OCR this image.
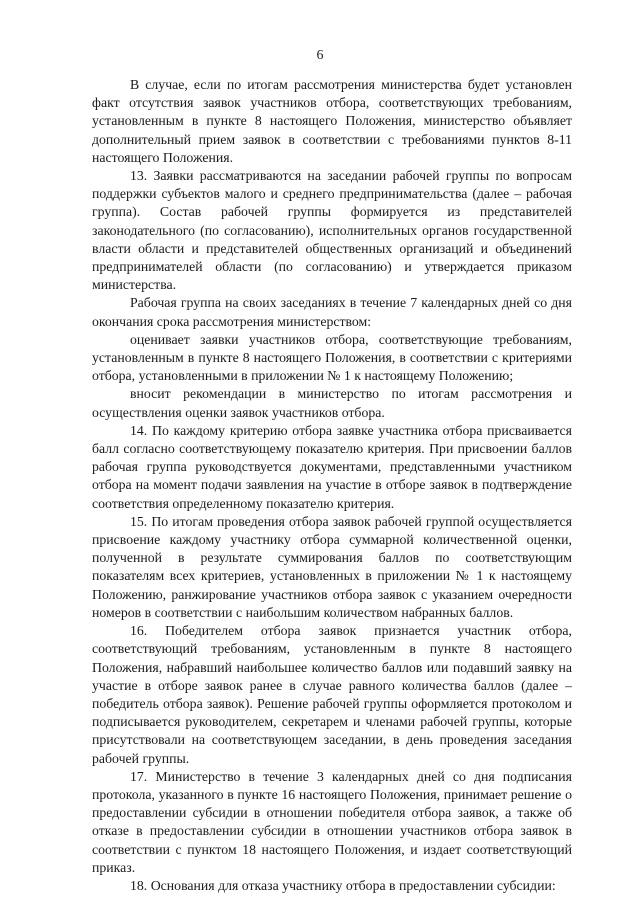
6

В случае, если по итогам рассмотрения министерства будет установлен факт отсутствия заявок участников отбора, соответствующих требованиям, установленным в пункте 8 настоящего Положения, министерство объявляет дополнительный прием заявок в соответствии с требованиями пунктов 8-11 настоящего Положения.

13. Заявки рассматриваются на заседании рабочей группы по вопросам поддержки субъектов малого и среднего предпринимательства (далее – рабочая группа). Состав рабочей группы формируется из представителей законодательного (по согласованию), исполнительных органов государственной власти области и представителей общественных организаций и объединений предпринимателей области (по согласованию) и утверждается приказом министерства.

Рабочая группа на своих заседаниях в течение 7 календарных дней со дня окончания срока рассмотрения министерством:

оценивает заявки участников отбора, соответствующие требованиям, установленным в пункте 8 настоящего Положения, в соответствии с критериями отбора, установленными в приложении № 1 к настоящему Положению;

вносит рекомендации в министерство по итогам рассмотрения и осуществления оценки заявок участников отбора.

14. По каждому критерию отбора заявке участника отбора присваивается балл согласно соответствующему показателю критерия. При присвоении баллов рабочая группа руководствуется документами, представленными участником отбора на момент подачи заявления на участие в отборе заявок в подтверждение соответствия определенному показателю критерия.

15. По итогам проведения отбора заявок рабочей группой осуществляется присвоение каждому участнику отбора суммарной количественной оценки, полученной в результате суммирования баллов по соответствующим показателям всех критериев, установленных в приложении № 1 к настоящему Положению, ранжирование участников отбора заявок с указанием очередности номеров в соответствии с наибольшим количеством набранных баллов.

16. Победителем отбора заявок признается участник отбора, соответствующий требованиям, установленным в пункте 8 настоящего Положения, набравший наибольшее количество баллов или подавший заявку на участие в отборе заявок ранее в случае равного количества баллов (далее – победитель отбора заявок). Решение рабочей группы оформляется протоколом и подписывается руководителем, секретарем и членами рабочей группы, которые присутствовали на соответствующем заседании, в день проведения заседания рабочей группы.

17. Министерство в течение 3 календарных дней со дня подписания протокола, указанного в пункте 16 настоящего Положения, принимает решение о предоставлении субсидии в отношении победителя отбора заявок, а также об отказе в предоставлении субсидии в отношении участников отбора заявок в соответствии с пунктом 18 настоящего Положения, и издает соответствующий приказ.

18. Основания для отказа участнику отбора в предоставлении субсидии:
